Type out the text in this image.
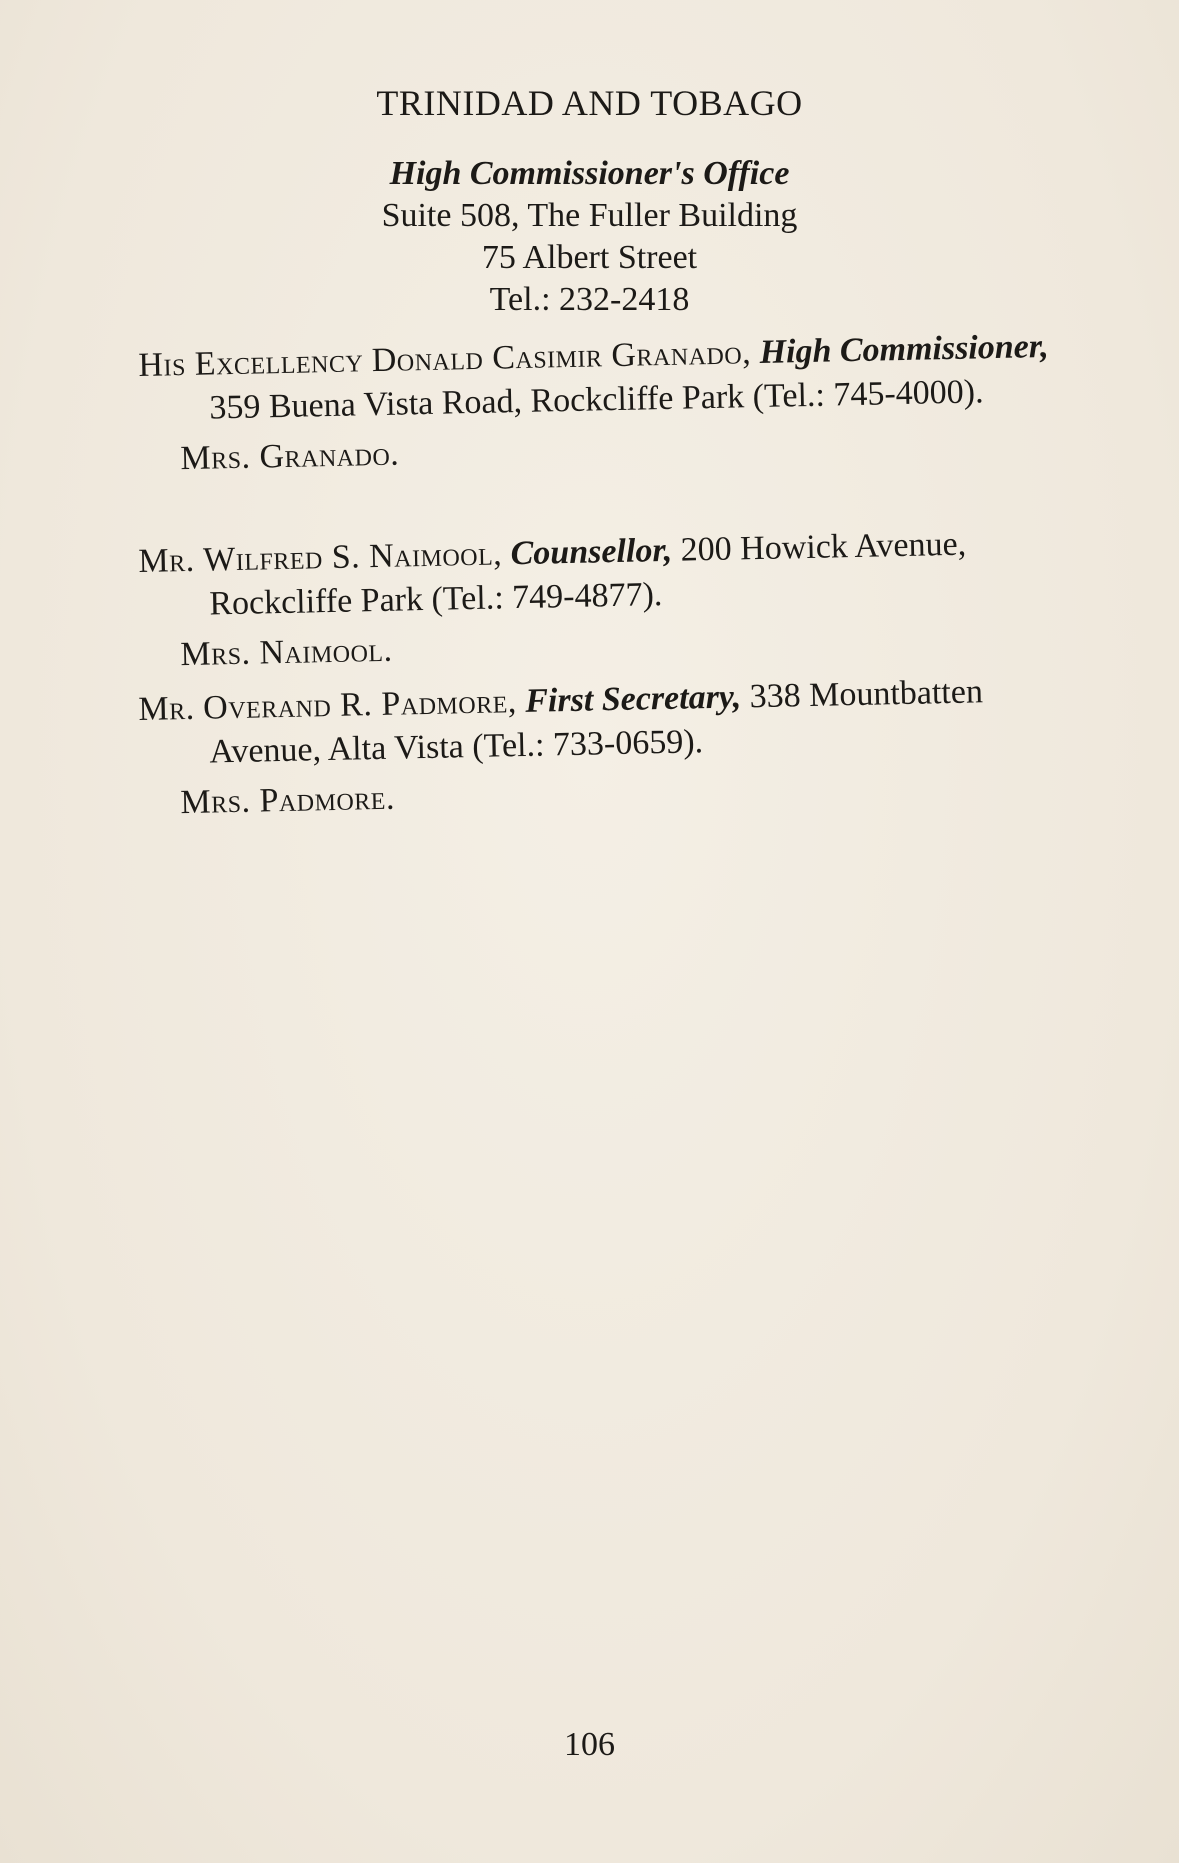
TRINIDAD AND TOBAGO
High Commissioner's Office
Suite 508, The Fuller Building
75 Albert Street
Tel.: 232-2418
His Excellency Donald Casimir Granado, High Commissioner, 359 Buena Vista Road, Rockcliffe Park (Tel.: 745-4000).
Mrs. Granado.
Mr. Wilfred S. Naimool, Counsellor, 200 Howick Avenue, Rockcliffe Park (Tel.: 749-4877).
Mrs. Naimool.
Mr. Overand R. Padmore, First Secretary, 338 Mountbatten Avenue, Alta Vista (Tel.: 733-0659).
Mrs. Padmore.
106
